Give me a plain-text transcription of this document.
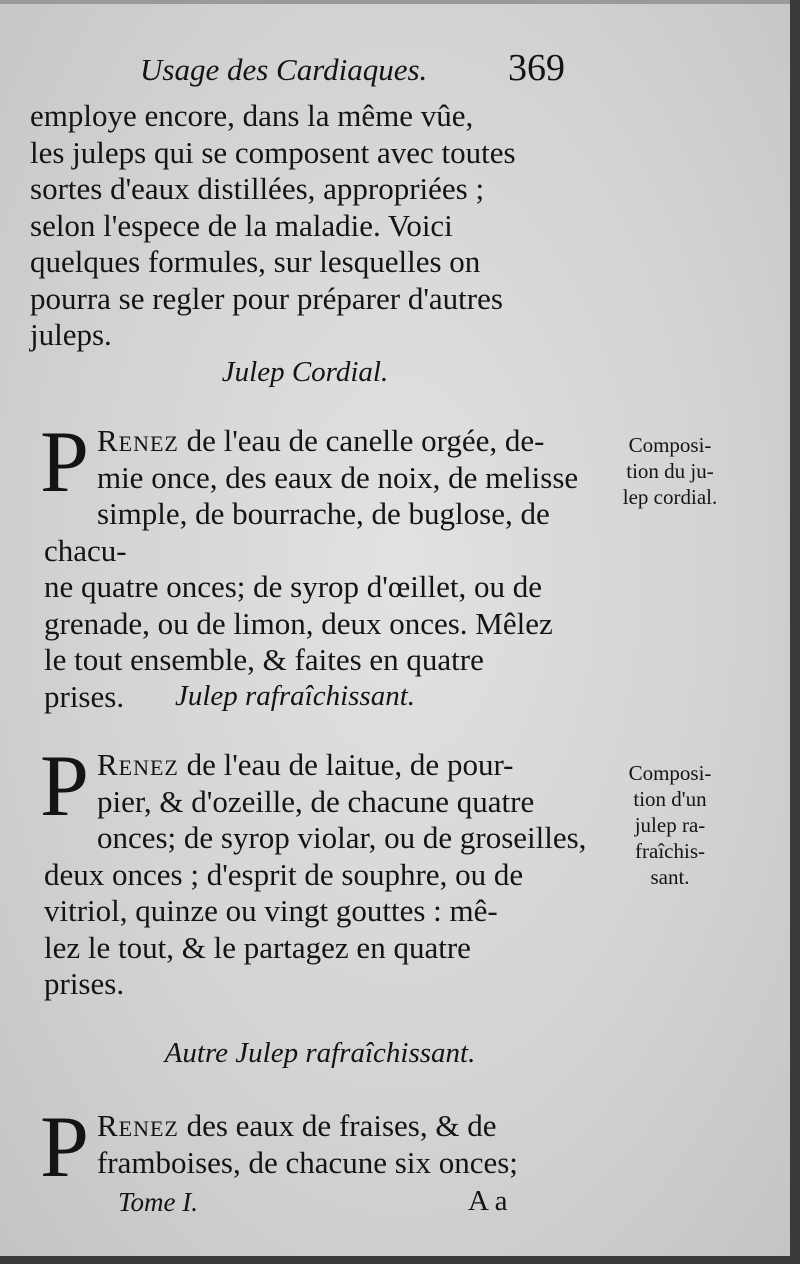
Usage des Cardiaques. 369

employe encore, dans la même vûe,

les juleps qui se composent avec toutes

sortes d'eaux distillées, appropriées ;

selon l'espece de la maladie. Voici

quelques formules, sur lesquelles on

pourra se regler pour préparer d'autres

juleps.

Julep Cordial.
P Renez de l'eau de canelle orgée, de-
mie once, des eaux de noix, de melisse
simple, de bourrache, de buglose, de chacu-
ne quatre onces; de syrop d'œillet, ou de
grenade, ou de limon, deux onces. Mêlez
le tout ensemble, & faites en quatre
prises.
Composi-
tion du ju-
lep cordial.
Julep rafraîchissant.
P Renez de l'eau de laitue, de pour-
pier, & d'ozeille, de chacune quatre
onces; de syrop violar, ou de groseilles,
deux onces ; d'esprit de souphre, ou de
vitriol, quinze ou vingt gouttes : mê-
lez le tout, & le partagez en quatre
prises.
Composi-
tion d'un
julep ra-
fraîchis-
sant.
Autre Julep rafraîchissant.
P Renez des eaux de fraises, & de
framboises, de chacune six onces;
Tome I.	A a
